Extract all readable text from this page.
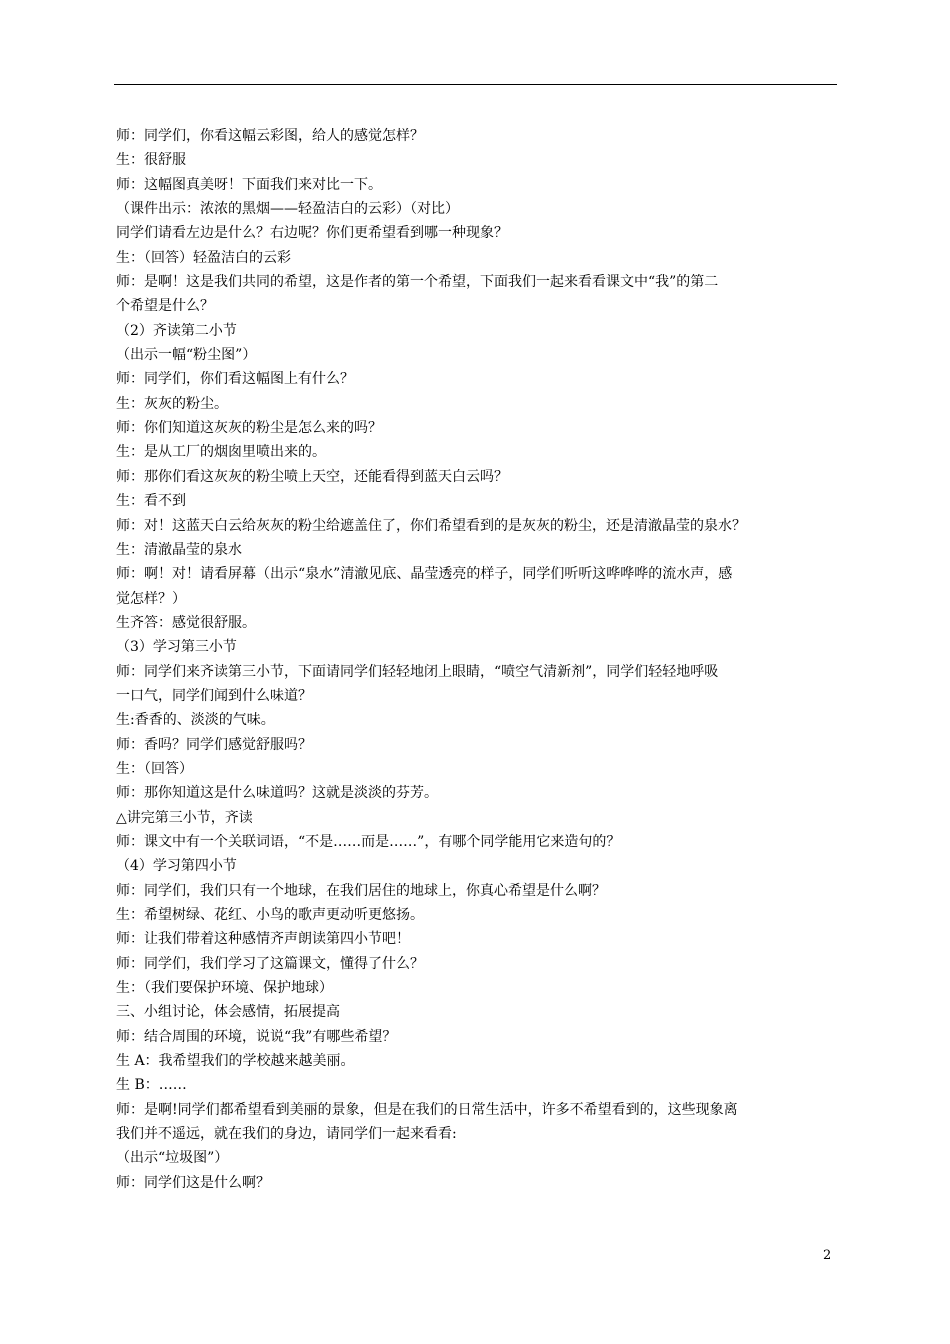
师：同学们，你看这幅云彩图，给人的感觉怎样？
生：很舒服
师：这幅图真美呀！下面我们来对比一下。
（课件出示：浓浓的黑烟——轻盈洁白的云彩）（对比）
同学们请看左边是什么？右边呢？你们更希望看到哪一种现象？
生：（回答）轻盈洁白的云彩
师：是啊！这是我们共同的希望，这是作者的第一个希望，下面我们一起来看看课文中“我”的第二
个希望是什么？
（2）齐读第二小节
（出示一幅“粉尘图”）
师：同学们，你们看这幅图上有什么？
生：灰灰的粉尘。
师：你们知道这灰灰的粉尘是怎么来的吗？
生：是从工厂的烟囱里喷出来的。
师：那你们看这灰灰的粉尘喷上天空，还能看得到蓝天白云吗？
生：看不到
师：对！这蓝天白云给灰灰的粉尘给遮盖住了，你们希望看到的是灰灰的粉尘，还是清澈晶莹的泉水？
生：清澈晶莹的泉水
师：啊！对！请看屏幕（出示“泉水”清澈见底、晶莹透亮的样子，同学们听听这哗哗哗的流水声，感
觉怎样？）
生齐答：感觉很舒服。
（3）学习第三小节
师：同学们来齐读第三小节，下面请同学们轻轻地闭上眼睛，“喷空气清新剂”，同学们轻轻地呼吸
一口气，同学们闻到什么味道？
生:香香的、淡淡的气味。
师：香吗？同学们感觉舒服吗？
生：（回答）
师：那你知道这是什么味道吗？这就是淡淡的芬芳。
△讲完第三小节，齐读
师：课文中有一个关联词语，“不是……而是……”，有哪个同学能用它来造句的？
（4）学习第四小节
师：同学们，我们只有一个地球，在我们居住的地球上，你真心希望是什么啊？
生：希望树绿、花红、小鸟的歌声更动听更悠扬。
师：让我们带着这种感情齐声朗读第四小节吧！
师：同学们，我们学习了这篇课文，懂得了什么？
生：（我们要保护环境、保护地球）
三、小组讨论，体会感情，拓展提高
师：结合周围的环境，说说“我”有哪些希望？
生 A：我希望我们的学校越来越美丽。
生 B：……
师：是啊!同学们都希望看到美丽的景象，但是在我们的日常生活中，许多不希望看到的，这些现象离
我们并不遥远，就在我们的身边，请同学们一起来看看:
（出示“垃圾图”）
师：同学们这是什么啊？
2
